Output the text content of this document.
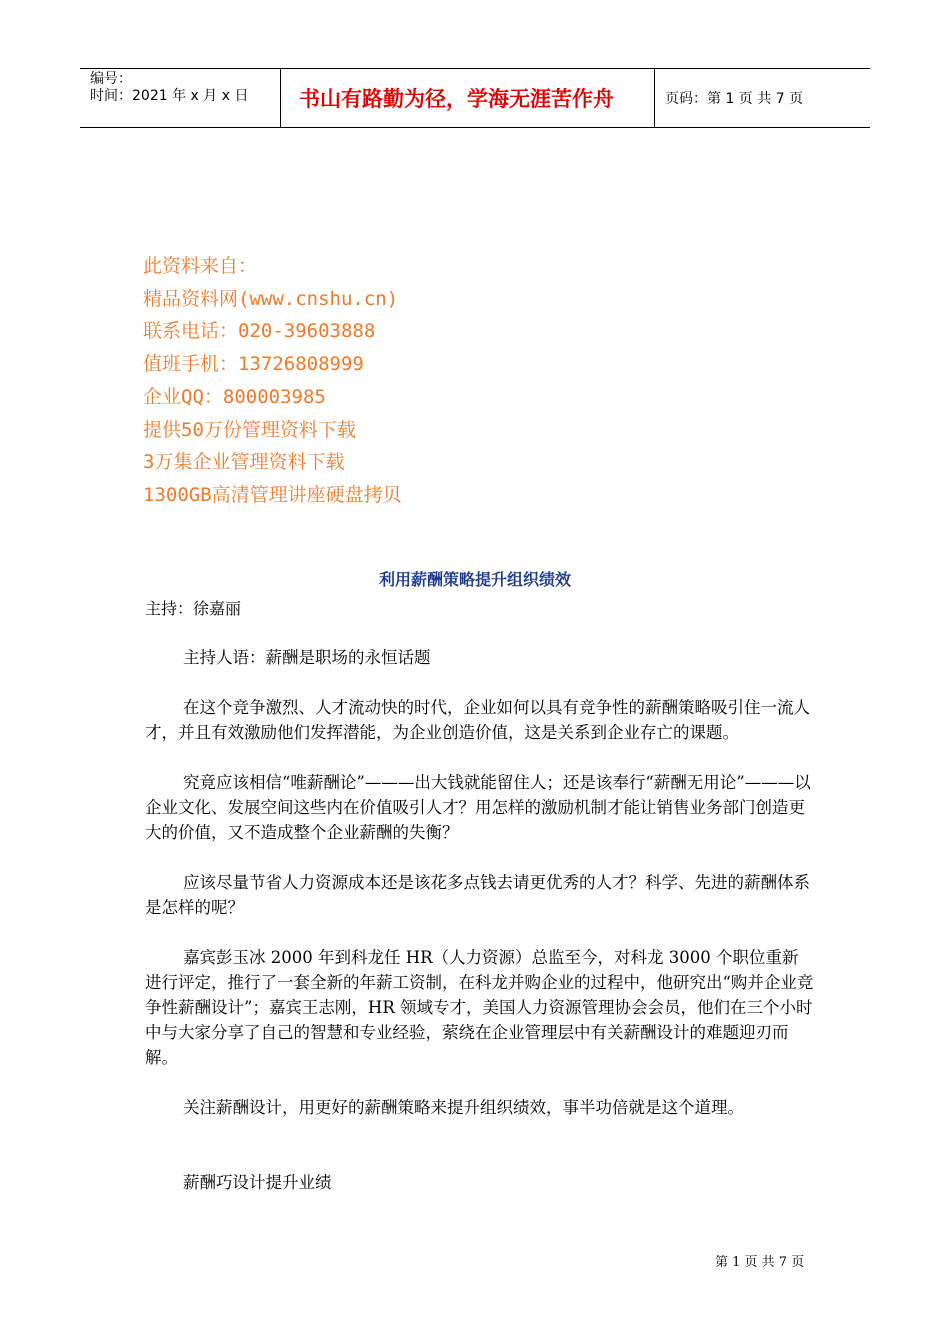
编号：
时间：2021 年 x 月 x 日	书山有路勤为径，学海无涯苦作舟	页码：第 1 页 共 7 页
此资料来自：
精品资料网(www.cnshu.cn)
联系电话：020-39603888
值班手机：13726808999
企业QQ：800003985
提供50万份管理资料下载
3万集企业管理资料下载
1300GB高清管理讲座硬盘拷贝
利用薪酬策略提升组织绩效
主持：徐嘉丽

主持人语：薪酬是职场的永恒话题

在这个竞争激烈、人才流动快的时代，企业如何以具有竞争性的薪酬策略吸引住一流人才，并且有效激励他们发挥潜能，为企业创造价值，这是关系到企业存亡的课题。

究竟应该相信“唯薪酬论”———出大钱就能留住人；还是该奉行“薪酬无用论”———以企业文化、发展空间这些内在价值吸引人才？用怎样的激励机制才能让销售业务部门创造更大的价值，又不造成整个企业薪酬的失衡？

应该尽量节省人力资源成本还是该花多点钱去请更优秀的人才？科学、先进的薪酬体系是怎样的呢？

嘉宾彭玉冰 2000 年到科龙任 HR（人力资源）总监至今，对科龙 3000 个职位重新进行评定，推行了一套全新的年薪工资制，在科龙并购企业的过程中，他研究出“购并企业竞争性薪酬设计”；嘉宾王志刚，HR 领域专才，美国人力资源管理协会会员，他们在三个小时中与大家分享了自己的智慧和专业经验，萦绕在企业管理层中有关薪酬设计的难题迎刃而解。

关注薪酬设计，用更好的薪酬策略来提升组织绩效，事半功倍就是这个道理。

薪酬巧设计提升业绩

第 1 页 共 7 页
